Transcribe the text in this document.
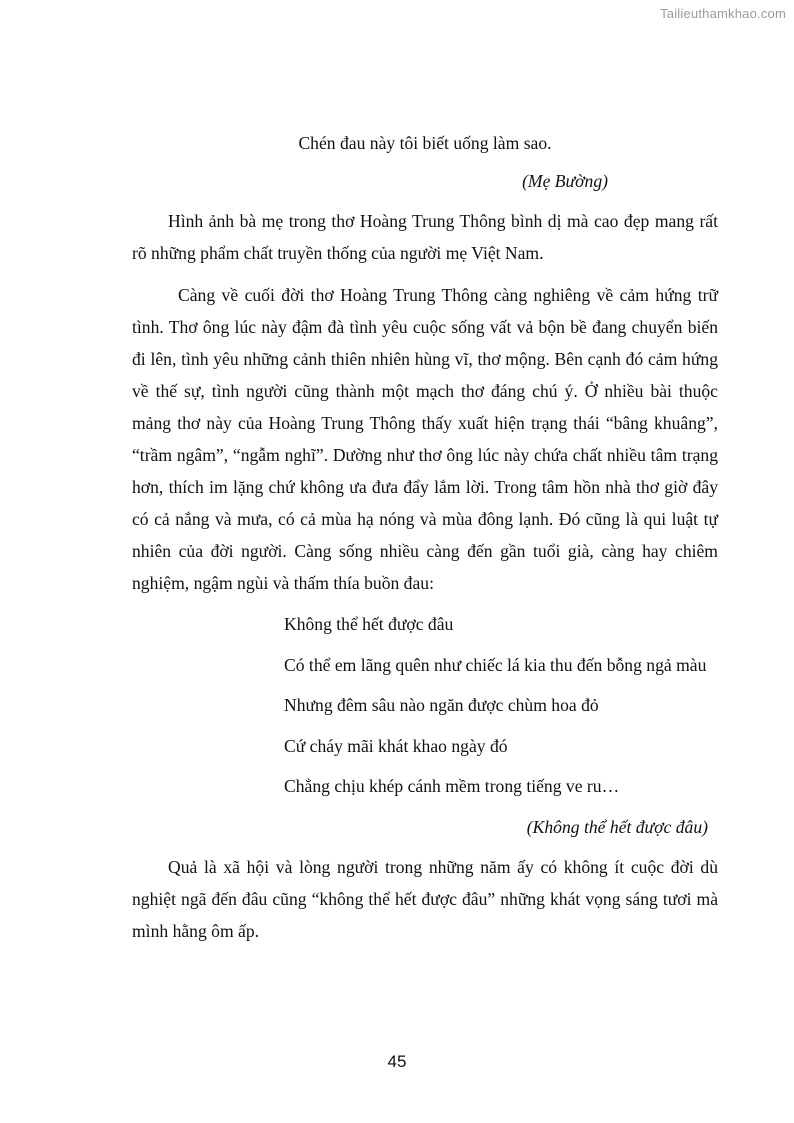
Tailieuthamkhao.com
Chén đau này tôi biết uống làm sao.
(Mẹ Bường)

Hình ảnh bà mẹ trong thơ Hoàng Trung Thông bình dị mà cao đẹp mang rất rõ những phẩm chất truyền thống của người mẹ Việt Nam.

Càng về cuối đời thơ Hoàng Trung Thông càng nghiêng về cảm hứng trữ tình. Thơ ông lúc này đậm đà tình yêu cuộc sống vất vả bộn bề đang chuyển biến đi lên, tình yêu những cảnh thiên nhiên hùng vĩ, thơ mộng. Bên cạnh đó cảm hứng về thế sự, tình người cũng thành một mạch thơ đáng chú ý. Ở nhiều bài thuộc mảng thơ này của Hoàng Trung Thông thấy xuất hiện trạng thái “bâng khuâng”, “trầm ngâm”, “ngẫm nghĩ”. Dường như thơ ông lúc này chứa chất nhiều tâm trạng hơn, thích im lặng chứ không ưa đưa đẩy lắm lời. Trong tâm hồn nhà thơ giờ đây có cả nắng và mưa, có cả mùa hạ nóng và mùa đông lạnh. Đó cũng là qui luật tự nhiên của đời người. Càng sống nhiều càng đến gần tuổi già, càng hay chiêm nghiệm, ngậm ngùi và thấm thía buồn đau:

Không thể hết được đâu
Có thể em lãng quên như chiếc lá kia thu đến bỗng ngả màu
Nhưng đêm sâu nào ngăn được chùm hoa đỏ
Cứ cháy mãi khát khao ngày đó
Chẳng chịu khép cánh mềm trong tiếng ve ru…
(Không thể hết được đâu)

Quả là xã hội và lòng người trong những năm ấy có không ít cuộc đời dù nghiệt ngã đến đâu cũng “không thể hết được đâu” những khát vọng sáng tươi mà mình hằng ôm ấp.

45
